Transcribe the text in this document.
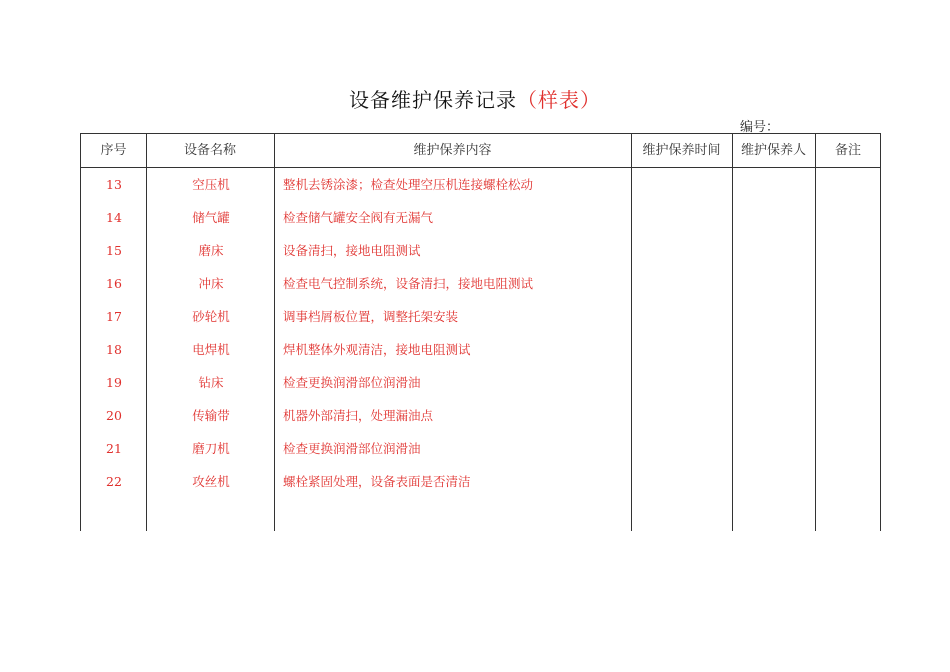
设备维护保养记录（样表）
编号：
序号	设备名称	维护保养内容	维护保养时间	维护保养人	备注
13	空压机	整机去锈涂漆；检查处理空压机连接螺栓松动
14	储气罐	检查储气罐安全阀有无漏气
15	磨床	设备清扫，接地电阻测试
16	冲床	检查电气控制系统，设备清扫，接地电阻测试
17	砂轮机	调事档屑板位置，调整托架安装
18	电焊机	焊机整体外观清洁，接地电阻测试
19	钻床	检查更换润滑部位润滑油
20	传输带	机器外部清扫，处理漏油点
21	磨刀机	检查更换润滑部位润滑油
22	攻丝机	螺栓紧固处理，设备表面是否清洁
